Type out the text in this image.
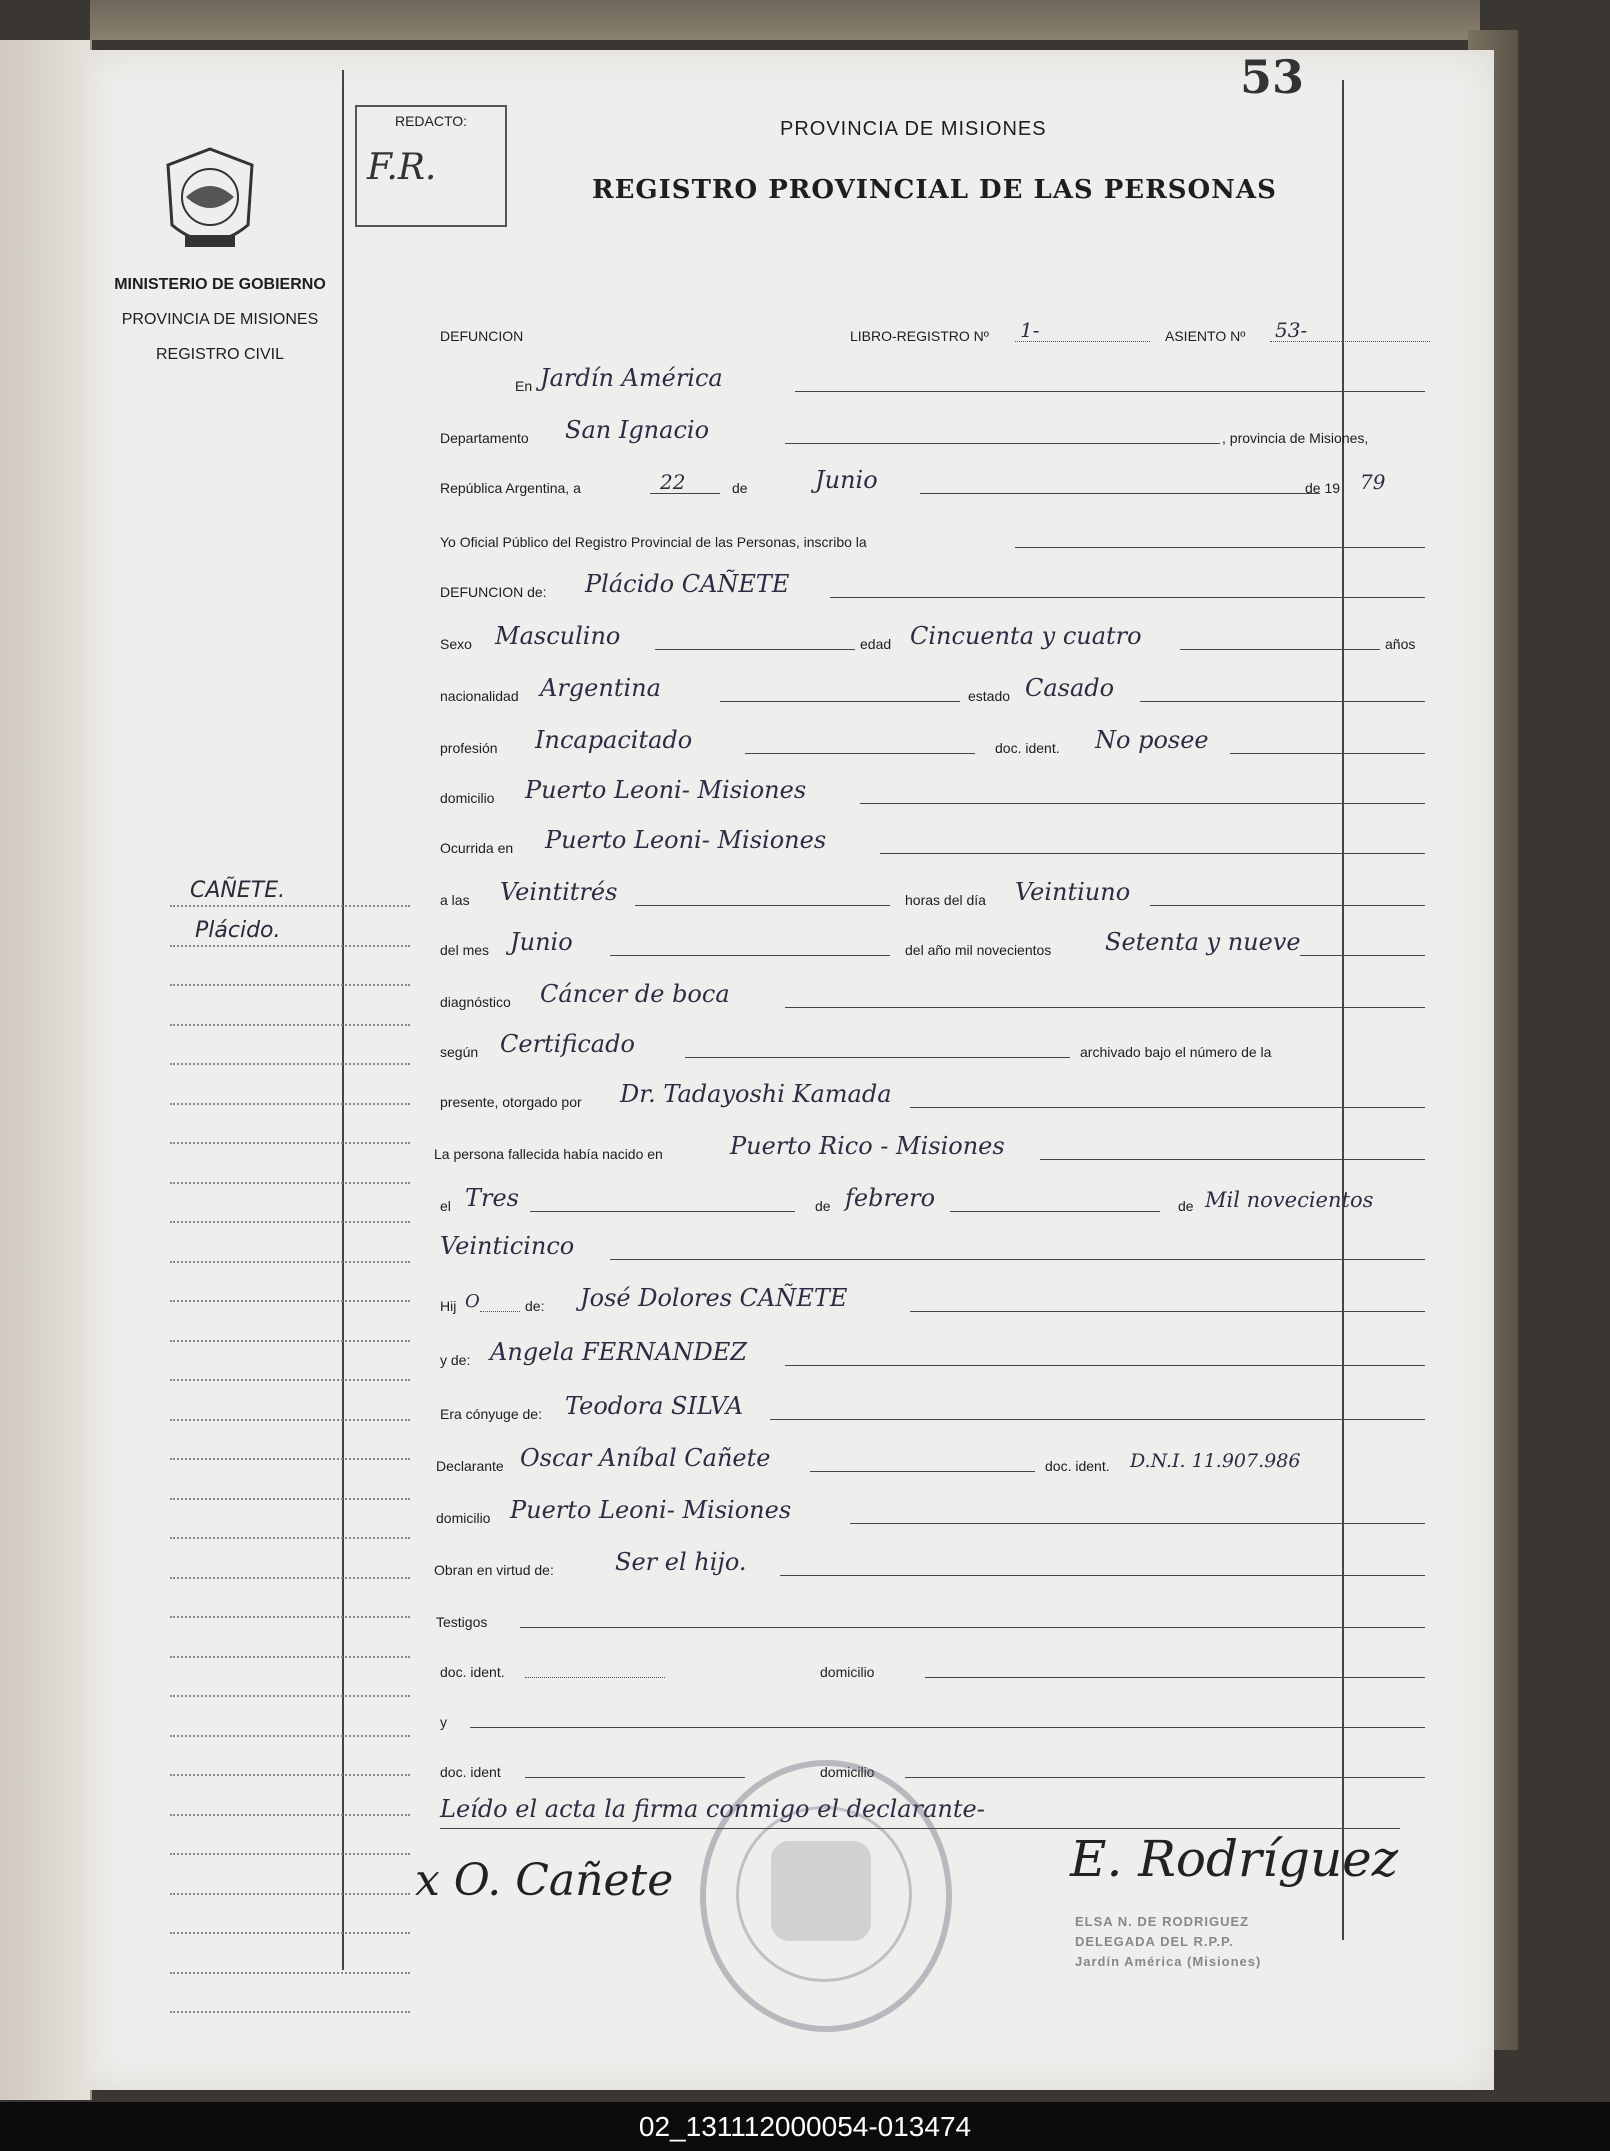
53
REDACTO:
F.R.
PROVINCIA DE MISIONES
REGISTRO PROVINCIAL DE LAS PERSONAS
MINISTERIO DE GOBIERNO
PROVINCIA DE MISIONES
REGISTRO CIVIL
CAÑETE.
Plácido.
DEFUNCION	LIBRO-REGISTRO Nº 1-	ASIENTO Nº 53-
En Jardín América
Departamento San Ignacio	, provincia de Misiones,
República Argentina, a	22	de	Junio	de 19 79
Yo Oficial Público del Registro Provincial de las Personas, inscribo la
DEFUNCION de: Plácido CAÑETE
Sexo Masculino	edad Cincuenta y cuatro	años
nacionalidad Argentina	estado Casado
profesión Incapacitado	doc. ident. No posee
domicilio Puerto Leoni- Misiones
Ocurrida en Puerto Leoni- Misiones
a las Veintitrés	horas del día Veintiuno
del mes Junio	del año mil novecientos Setenta y nueve
diagnóstico Cáncer de boca
según Certificado	archivado bajo el número de la
presente, otorgado por Dr. Tadayoshi Kamada
La persona fallecida había nacido en	Puerto Rico - Misiones
el Tres	de febrero	de Mil novecientos
Veinticinco
Hij O	de: José Dolores CAÑETE
y de: Angela FERNANDEZ
Era cónyuge de: Teodora SILVA
Declarante Oscar Aníbal Cañete	doc. ident. D.N.I. 11.907.986
domicilio Puerto Leoni- Misiones
Obran en virtud de:	Ser el hijo.
Testigos
doc. ident.	domicilio
y
doc. ident	domicilio
Leído el acta la firma conmigo el declarante-
x O. Cañete	E. Rodríguez
ELSA N. DE RODRIGUEZ
DELEGADA DEL R.P.P.
Jardín América (Misiones)
02_131112000054-013474
